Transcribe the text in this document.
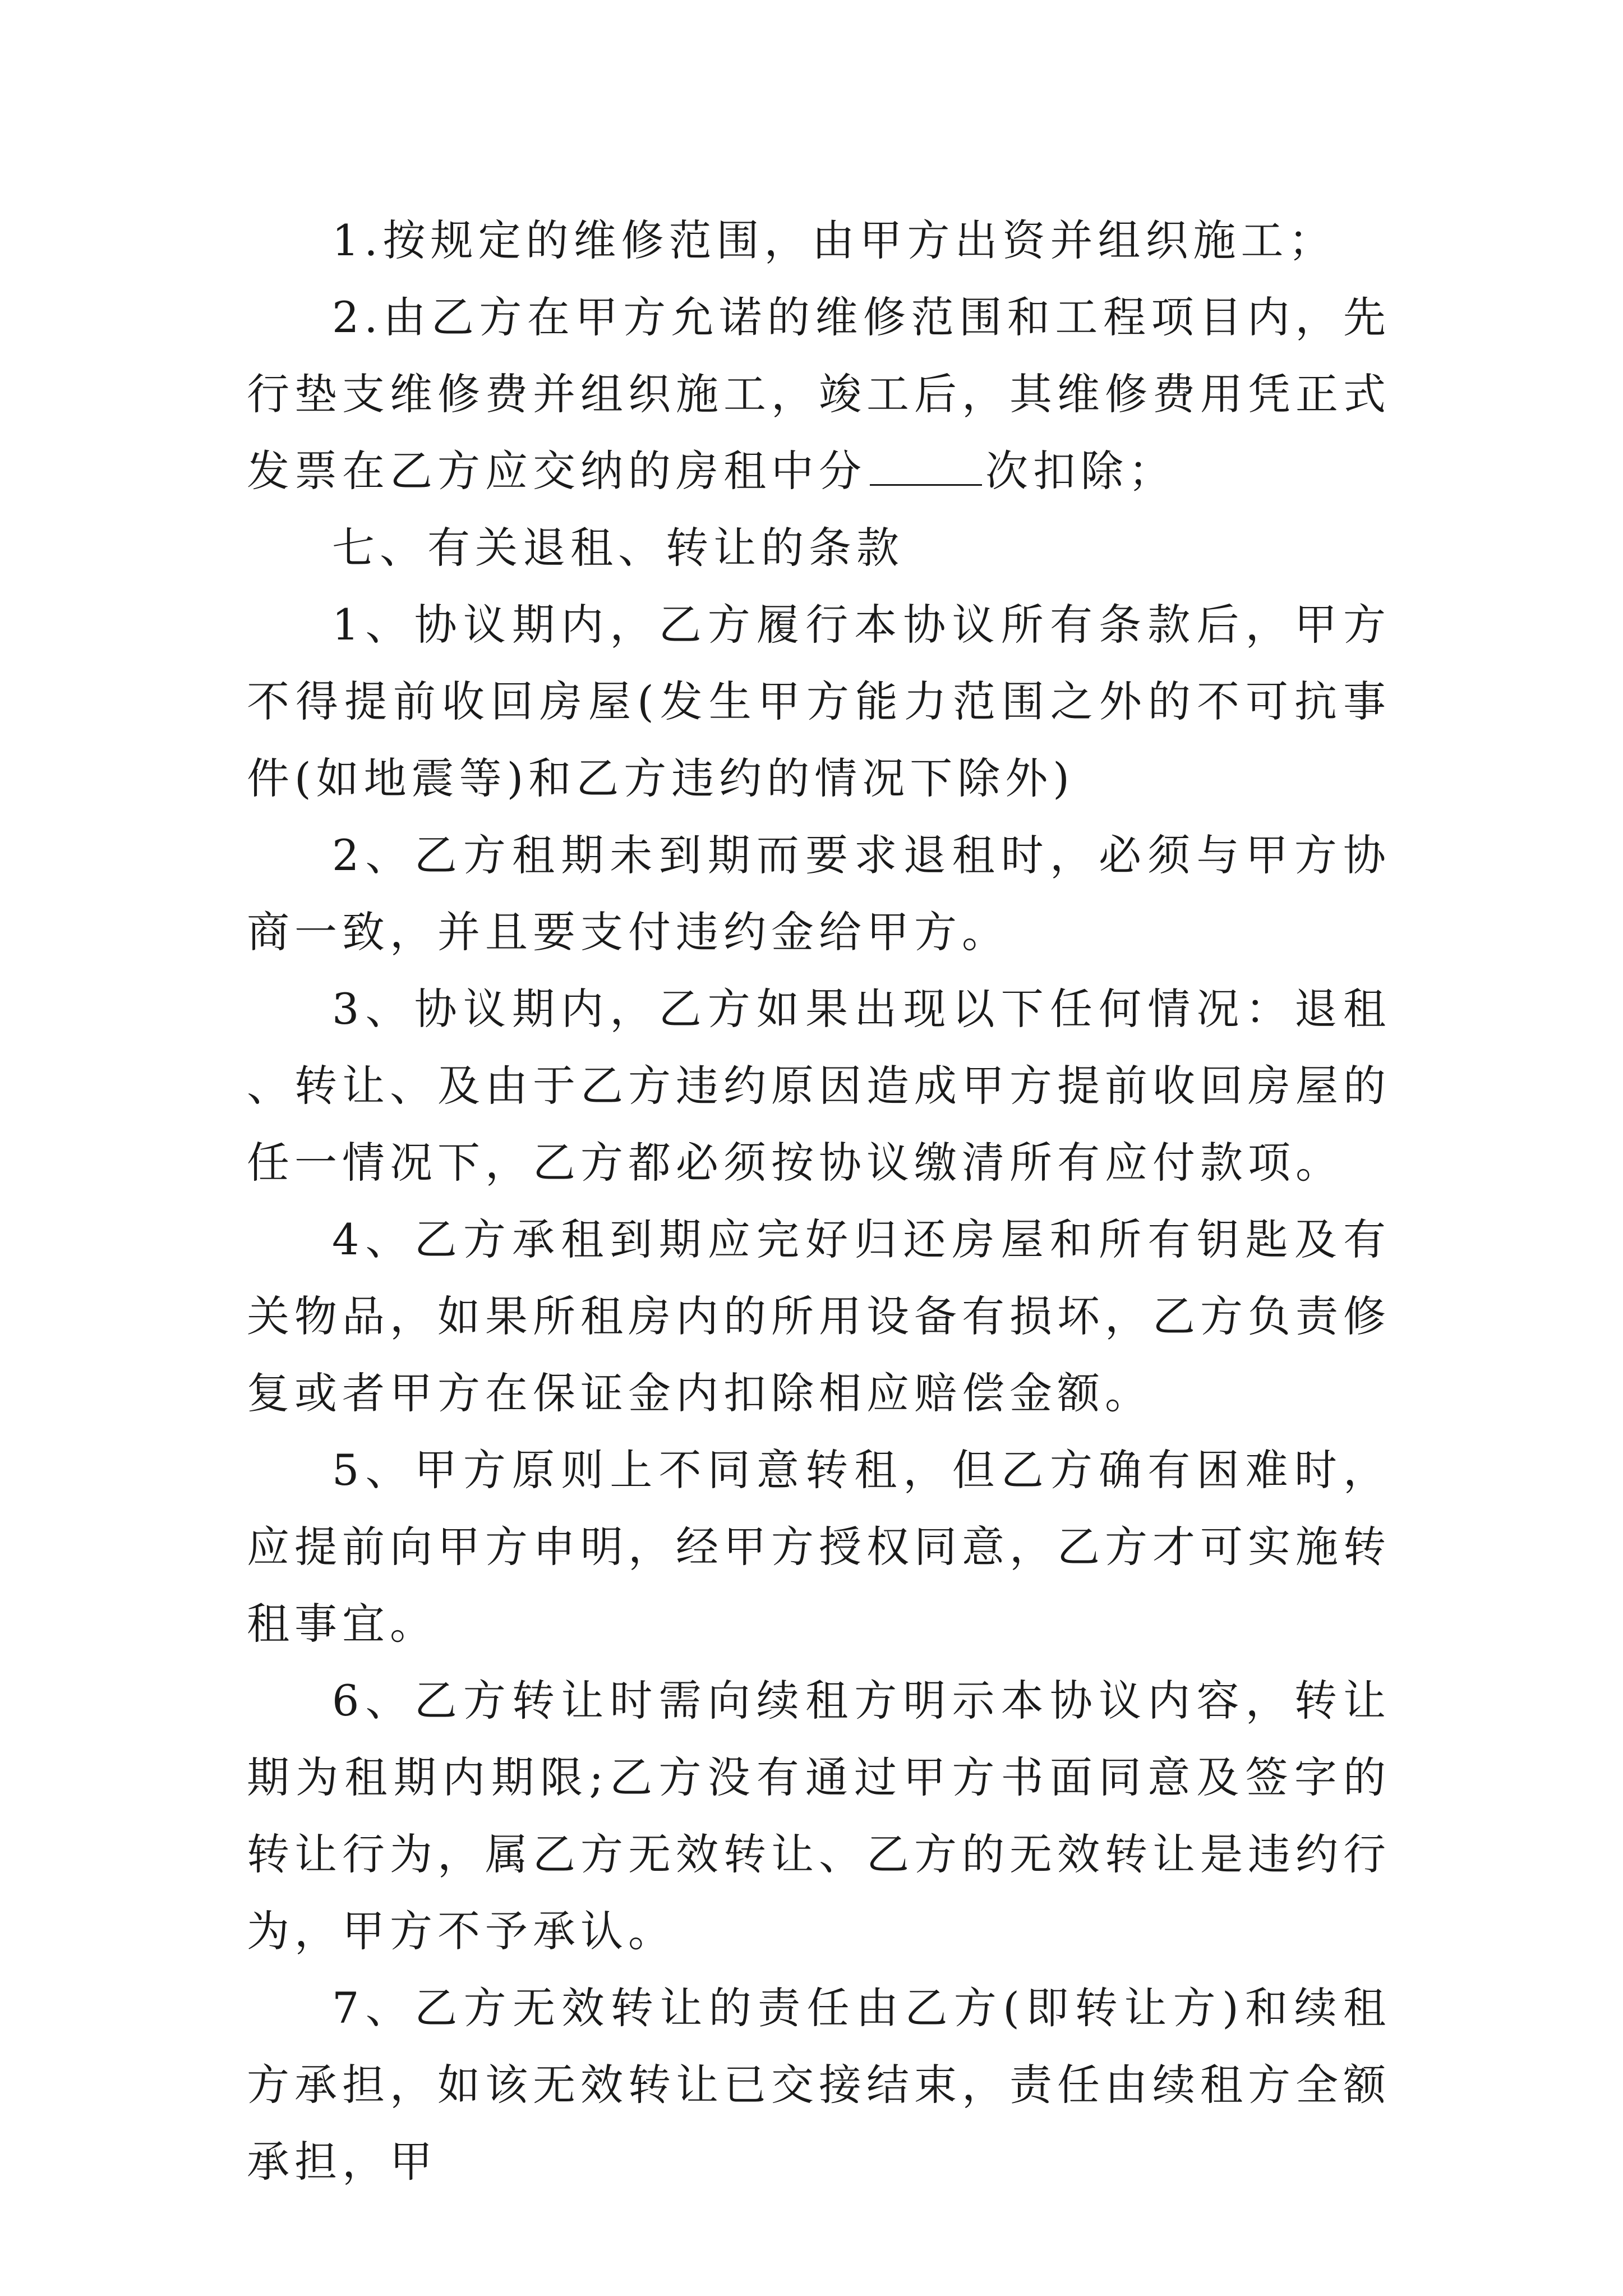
1.按规定的维修范围，由甲方出资并组织施工；

2.由乙方在甲方允诺的维修范围和工程项目内，先行垫支维修费并组织施工，竣工后，其维修费用凭正式发票在乙方应交纳的房租中分	次扣除；

七、有关退租、转让的条款

1、协议期内，乙方履行本协议所有条款后，甲方不得提前收回房屋(发生甲方能力范围之外的不可抗事件(如地震等)和乙方违约的情况下除外)

2、乙方租期未到期而要求退租时，必须与甲方协商一致，并且要支付违约金给甲方。

3、协议期内，乙方如果出现以下任何情况：退租、转让、及由于乙方违约原因造成甲方提前收回房屋的任一情况下，乙方都必须按协议缴清所有应付款项。

4、乙方承租到期应完好归还房屋和所有钥匙及有关物品，如果所租房内的所用设备有损坏，乙方负责修复或者甲方在保证金内扣除相应赔偿金额。

5、甲方原则上不同意转租，但乙方确有困难时，应提前向甲方申明，经甲方授权同意，乙方才可实施转租事宜。

6、乙方转让时需向续租方明示本协议内容，转让期为租期内期限;乙方没有通过甲方书面同意及签字的转让行为，属乙方无效转让、乙方的无效转让是违约行为，甲方不予承认。

7、乙方无效转让的责任由乙方(即转让方)和续租方承担，如该无效转让已交接结束，责任由续租方全额承担，甲
